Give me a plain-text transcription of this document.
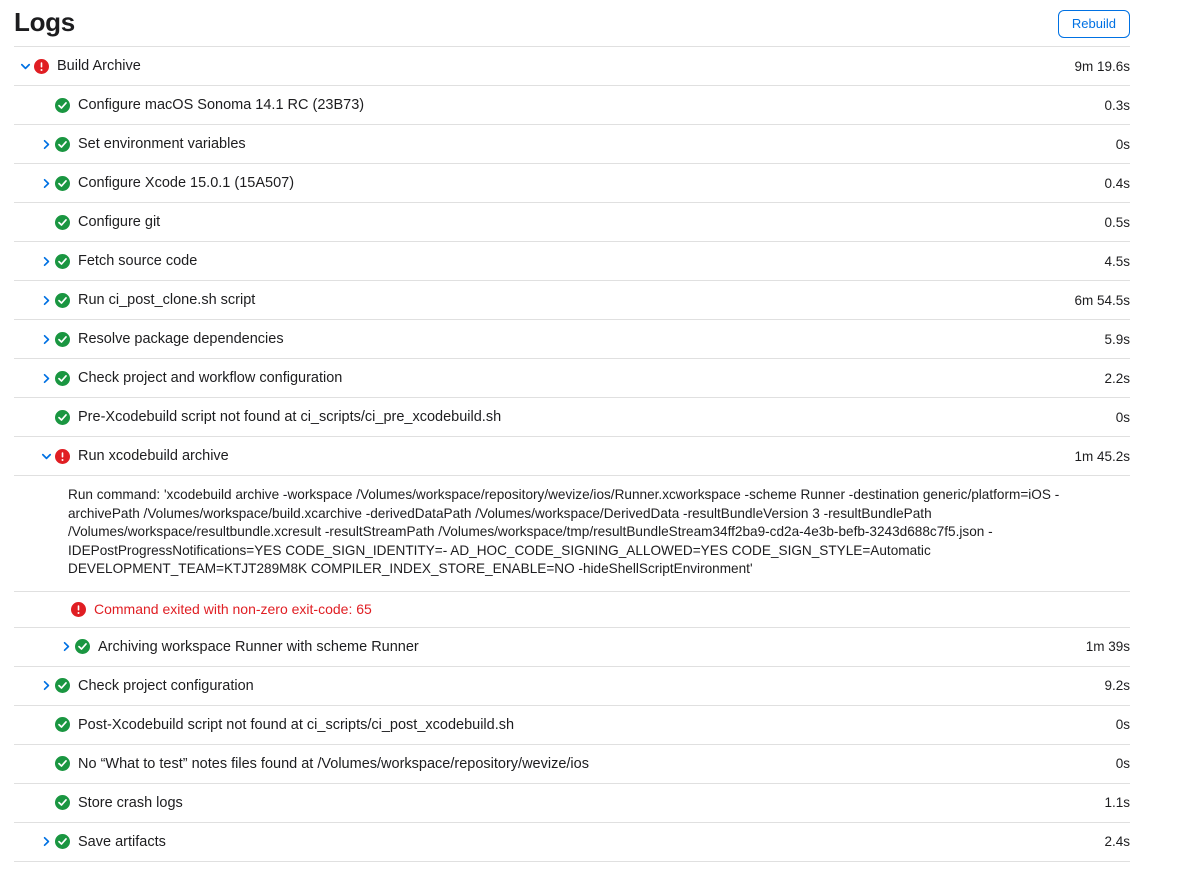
Logs	Rebuild
Build Archive	9m 19.6s
Configure macOS Sonoma 14.1 RC (23B73)	0.3s
Set environment variables	0s
Configure Xcode 15.0.1 (15A507)	0.4s
Configure git	0.5s
Fetch source code	4.5s
Run ci_post_clone.sh script	6m 54.5s
Resolve package dependencies	5.9s
Check project and workflow configuration	2.2s
Pre-Xcodebuild script not found at ci_scripts/ci_pre_xcodebuild.sh	0s
Run xcodebuild archive	1m 45.2s
Run command: 'xcodebuild archive -workspace /Volumes/workspace/repository/wevize/ios/Runner.xcworkspace -scheme Runner -destination generic/platform=iOS -archivePath /Volumes/workspace/build.xcarchive -derivedDataPath /Volumes/workspace/DerivedData -resultBundleVersion 3 -resultBundlePath /Volumes/workspace/resultbundle.xcresult -resultStreamPath /Volumes/workspace/tmp/resultBundleStream34ff2ba9-cd2a-4e3b-befb-3243d688c7f5.json -IDEPostProgressNotifications=YES CODE_SIGN_IDENTITY=- AD_HOC_CODE_SIGNING_ALLOWED=YES CODE_SIGN_STYLE=Automatic DEVELOPMENT_TEAM=KTJT289M8K COMPILER_INDEX_STORE_ENABLE=NO -hideShellScriptEnvironment'
Command exited with non-zero exit-code: 65
Archiving workspace Runner with scheme Runner	1m 39s
Check project configuration	9.2s
Post-Xcodebuild script not found at ci_scripts/ci_post_xcodebuild.sh	0s
No “What to test” notes files found at /Volumes/workspace/repository/wevize/ios	0s
Store crash logs	1.1s
Save artifacts	2.4s
